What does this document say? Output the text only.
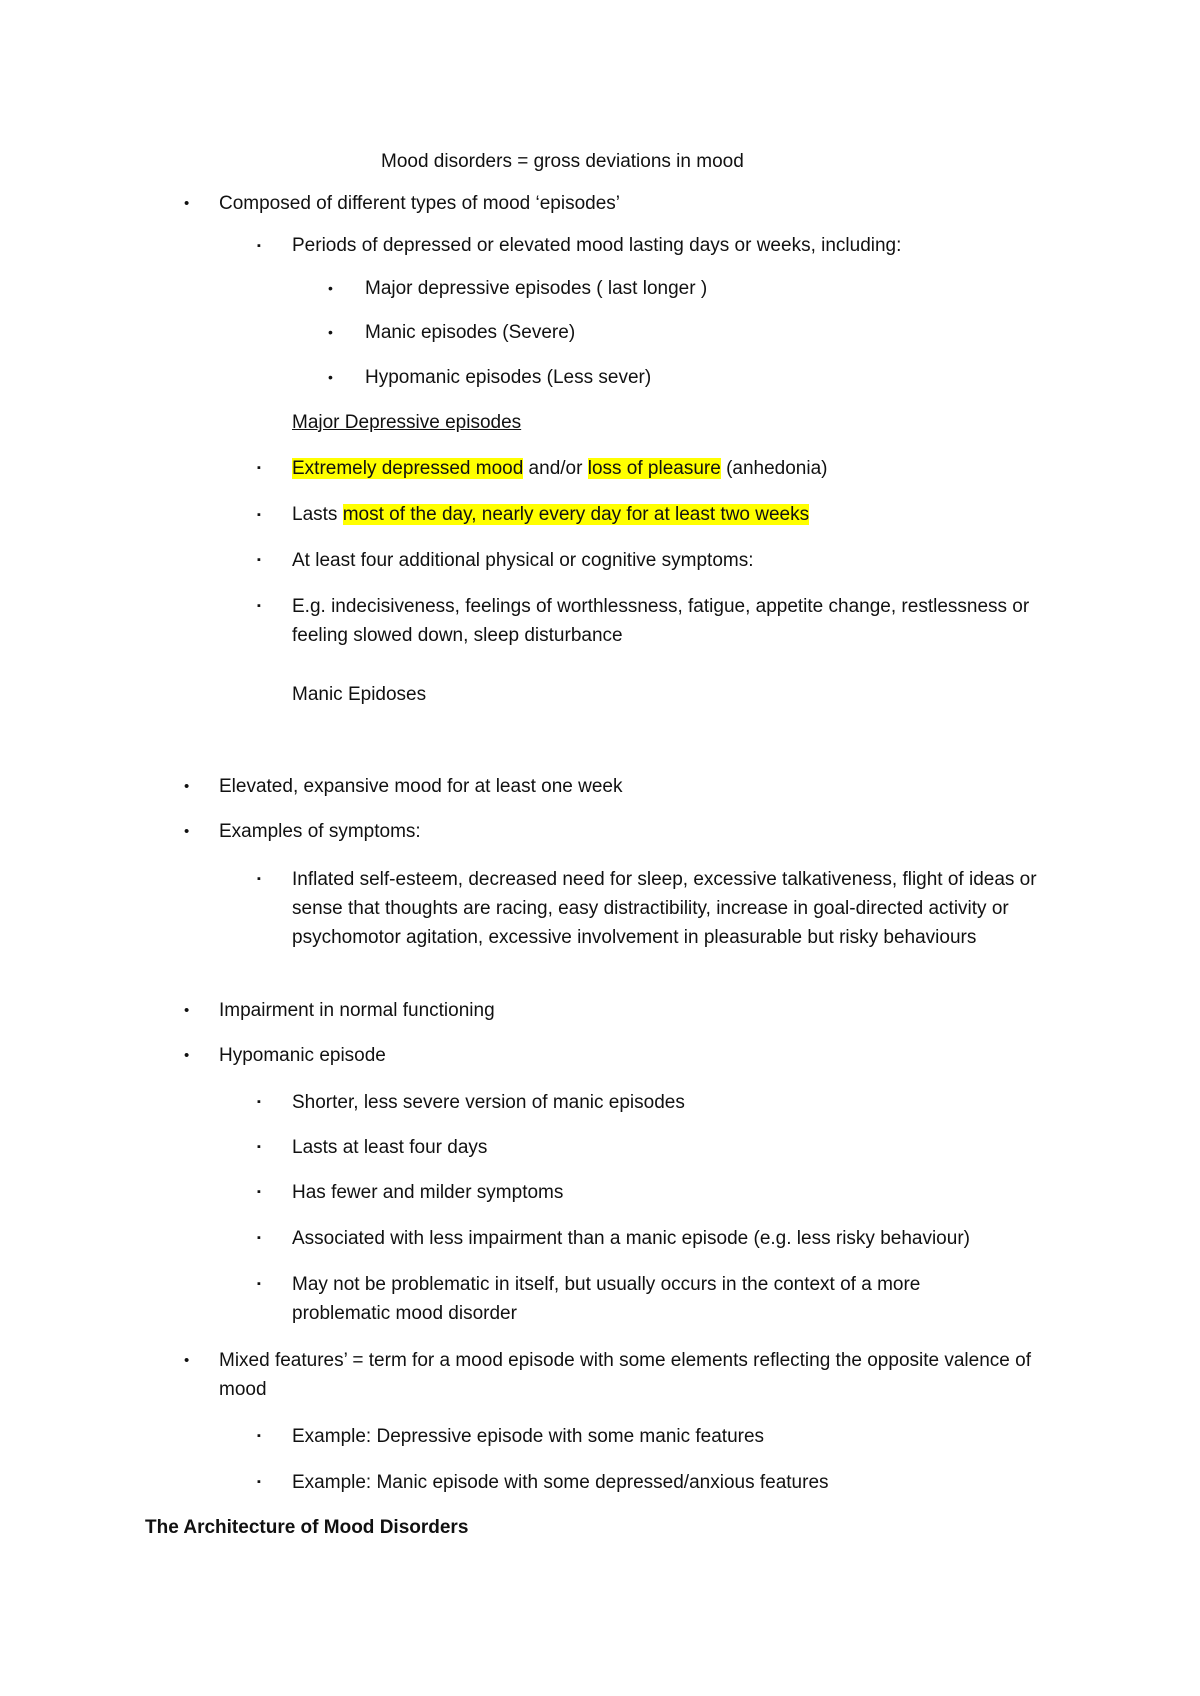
Mood disorders = gross deviations in mood
• Composed of different types of mood ‘episodes’
▪ Periods of depressed or elevated mood lasting days or weeks, including:
• Major depressive episodes ( last longer )
• Manic episodes (Severe)
• Hypomanic episodes (Less sever)
Major Depressive episodes
▪ Extremely depressed mood and/or loss of pleasure (anhedonia)
▪ Lasts most of the day, nearly every day for at least two weeks
▪ At least four additional physical or cognitive symptoms:
▪ E.g. indecisiveness, feelings of worthlessness, fatigue, appetite change, restlessness or feeling slowed down, sleep disturbance
Manic Epidoses
• Elevated, expansive mood for at least one week
• Examples of symptoms:
▪ Inflated self-esteem, decreased need for sleep, excessive talkativeness, flight of ideas or sense that thoughts are racing, easy distractibility, increase in goal-directed activity or psychomotor agitation, excessive involvement in pleasurable but risky behaviours
• Impairment in normal functioning
• Hypomanic episode
▪ Shorter, less severe version of manic episodes
▪ Lasts at least four days
▪ Has fewer and milder symptoms
▪ Associated with less impairment than a manic episode (e.g. less risky behaviour)
▪ May not be problematic in itself, but usually occurs in the context of a more problematic mood disorder
• Mixed features’ = term for a mood episode with some elements reflecting the opposite valence of mood
▪ Example: Depressive episode with some manic features
▪ Example: Manic episode with some depressed/anxious features
The Architecture of Mood Disorders
